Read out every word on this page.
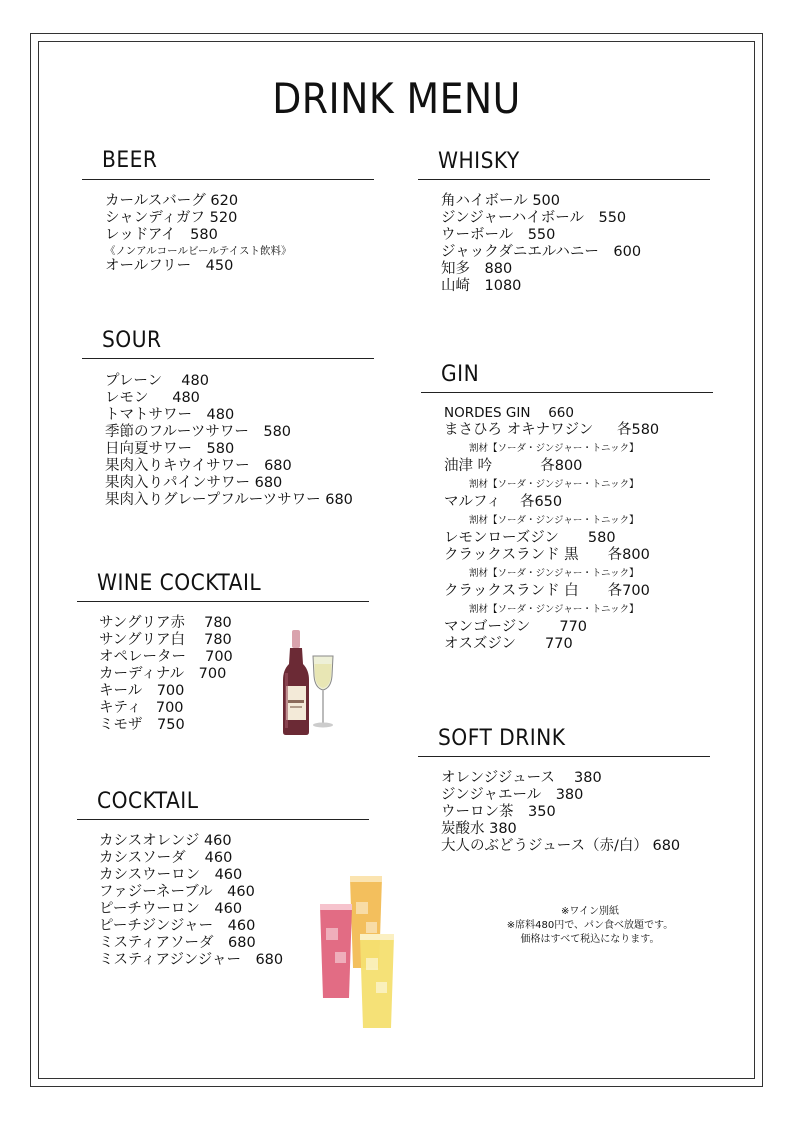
DRINK MENU
BEER
カールスバーグ 620
シャンディガフ 520
レッドアイ　580
《ノンアルコールビールテイスト飲料》
オールフリー　450
SOUR
プレーン　 480
レモン　  480
トマトサワー　480
季節のフルーツサワー　580
日向夏サワー　580
果肉入りキウイサワー　680
果肉入りパインサワー 680
果肉入りグレープフルーツサワー 680
WINE COCKTAIL
サングリア赤　 780
サングリア白　 780
オペレーター　 700
カーディナル　700
キール　700
キティ　700
ミモザ　750
COCKTAIL
カシスオレンジ 460
カシスソーダ　 460
カシスウーロン　460
ファジーネーブル　460
ピーチウーロン　460
ピーチジンジャー　460
ミスティアソーダ　680
ミスティアジンジャー　680
WHISKY
角ハイボール 500
ジンジャーハイボール　550
ウーボール　550
ジャックダニエルハニー　600
知多　880
山崎　1080
GIN
NORDES GIN　 660
まさひろ オキナワジン　  各580
割材【ソーダ・ジンジャー・トニック】
油津 吟　　　 各800
割材【ソーダ・ジンジャー・トニック】
マルフィ　 各650
割材【ソーダ・ジンジャー・トニック】
レモンローズジン　　580
クラックスランド 黒　　各800
割材【ソーダ・ジンジャー・トニック】
クラックスランド 白　　各700
割材【ソーダ・ジンジャー・トニック】
マンゴージン　　770
オスズジン　　770
SOFT DRINK
オレンジジュース　 380
ジンジャエール　380
ウーロン茶　350
炭酸水 380
大人のぶどうジュース（赤/白） 680
※ワイン別紙
※席料480円で、パン食べ放題です。
価格はすべて税込になります。
